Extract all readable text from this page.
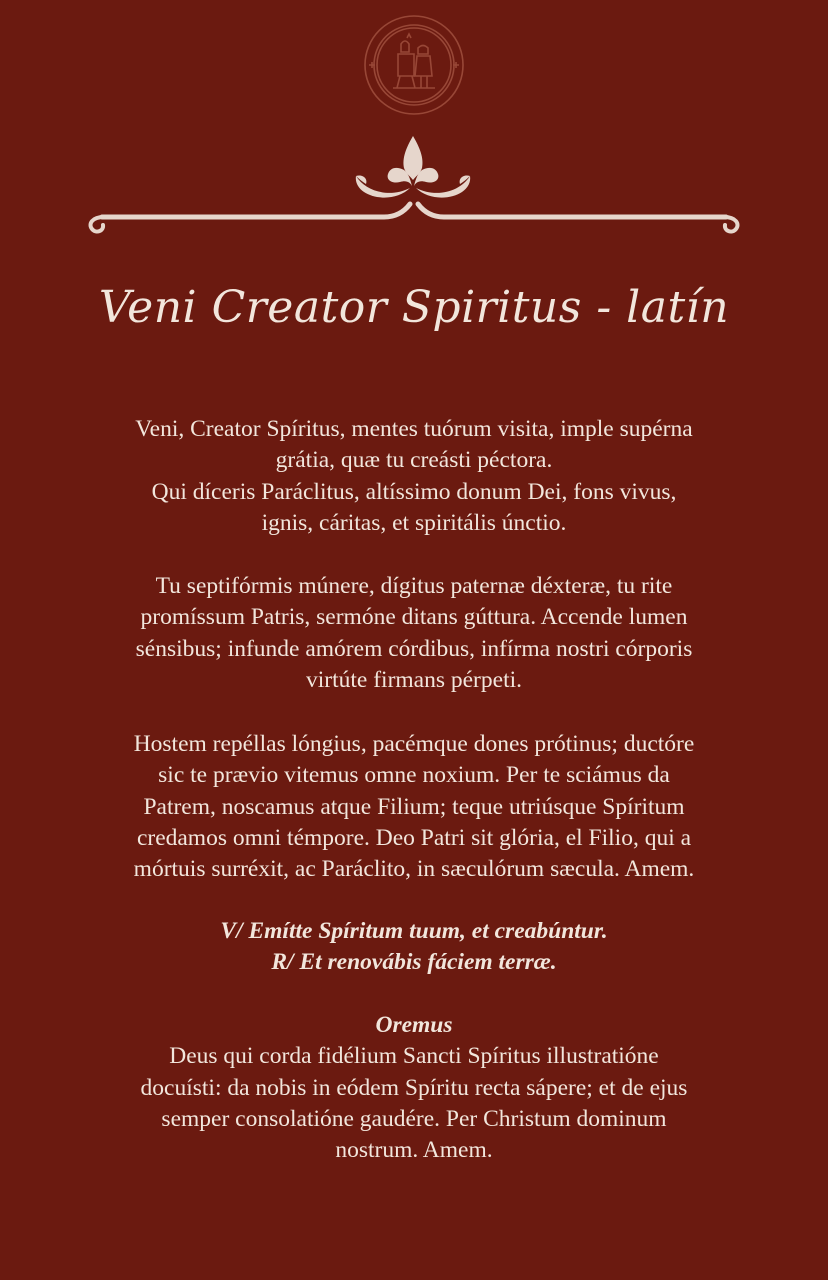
Veni Creator Spiritus - latín
Veni, Creator Spíritus, mentes tuórum visita, imple supérna
grátia, quæ tu creásti péctora.
Qui díceris Paráclitus, altíssimo donum Dei, fons vivus,
ignis, cáritas, et spiritális únctio.
Tu septifórmis múnere, dígitus paternæ déxteræ, tu rite
promíssum Patris, sermóne ditans gúttura. Accende lumen
sénsibus; infunde amórem córdibus, infírma nostri córporis
virtúte firmans pérpeti.
Hostem repéllas lóngius, pacémque dones prótinus; ductóre
sic te prævio vitemus omne noxium. Per te sciámus da
Patrem, noscamus atque Filium; teque utriúsque Spíritum
credamos omni témpore. Deo Patri sit glória, el Filio, qui a
mórtuis surréxit, ac Paráclito, in sæculórum sæcula. Amem.
V/ Emítte Spíritum tuum, et creabúntur.
R/ Et renovábis fáciem terræ.
Oremus
Deus qui corda fidélium Sancti Spíritus illustratióne
docuísti: da nobis in eódem Spíritu recta sápere; et de ejus
semper consolatióne gaudére. Per Christum dominum
nostrum. Amem.
